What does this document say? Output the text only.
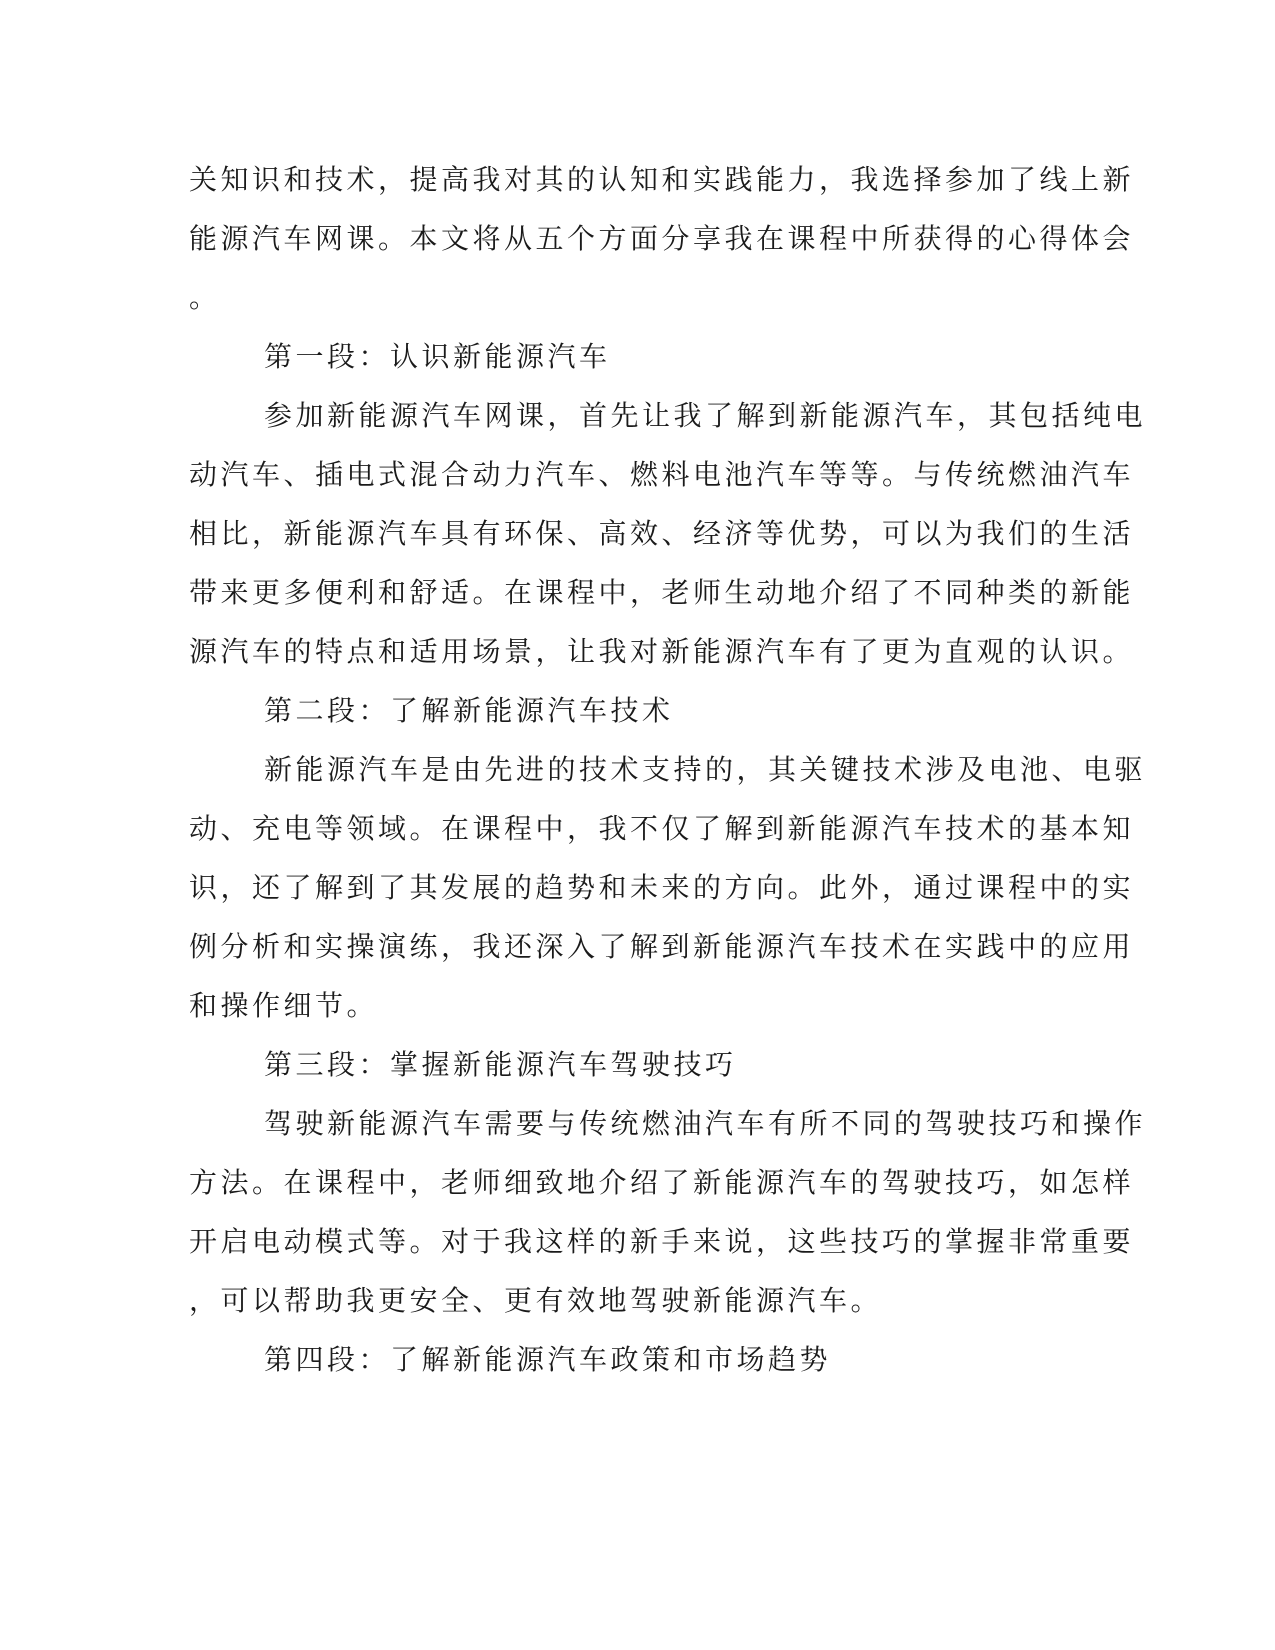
关知识和技术，提高我对其的认知和实践能力，我选择参加了线上新

能源汽车网课。本文将从五个方面分享我在课程中所获得的心得体会

。

第一段：认识新能源汽车

参加新能源汽车网课，首先让我了解到新能源汽车，其包括纯电

动汽车、插电式混合动力汽车、燃料电池汽车等等。与传统燃油汽车

相比，新能源汽车具有环保、高效、经济等优势，可以为我们的生活

带来更多便利和舒适。在课程中，老师生动地介绍了不同种类的新能

源汽车的特点和适用场景，让我对新能源汽车有了更为直观的认识。

第二段：了解新能源汽车技术

新能源汽车是由先进的技术支持的，其关键技术涉及电池、电驱

动、充电等领域。在课程中，我不仅了解到新能源汽车技术的基本知

识，还了解到了其发展的趋势和未来的方向。此外，通过课程中的实

例分析和实操演练，我还深入了解到新能源汽车技术在实践中的应用

和操作细节。

第三段：掌握新能源汽车驾驶技巧

驾驶新能源汽车需要与传统燃油汽车有所不同的驾驶技巧和操作

方法。在课程中，老师细致地介绍了新能源汽车的驾驶技巧，如怎样

开启电动模式等。对于我这样的新手来说，这些技巧的掌握非常重要

，可以帮助我更安全、更有效地驾驶新能源汽车。

第四段：了解新能源汽车政策和市场趋势
